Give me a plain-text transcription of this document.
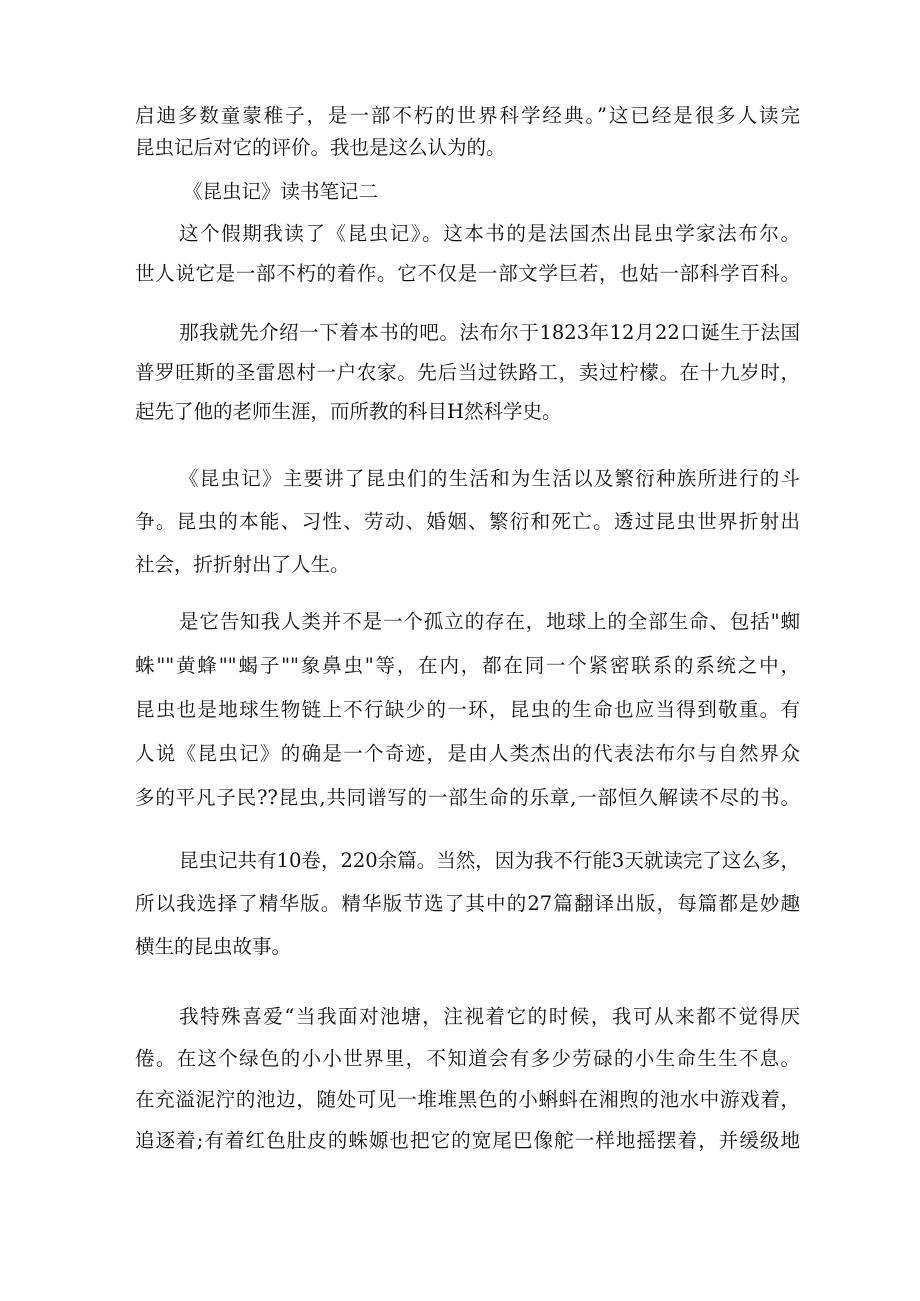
启迪多数童蒙稚子，是一部不朽的世界科学经典。”这已经是很多人读完
昆虫记后对它的评价。我也是这么认为的。

《昆虫记》读书笔记二

这个假期我读了《昆虫记》。这本书的是法国杰出昆虫学家法布尔。
世人说它是一部不朽的着作。它不仅是一部文学巨若，也姑一部科学百科。

那我就先介绍一下着本书的吧。法布尔于1823年12月22口诞生于法国
普罗旺斯的圣雷恩村一户农家。先后当过铁路工，卖过柠檬。在十九岁时，
起先了他的老师生涯，而所教的科目H然科学史。

《昆虫记》主要讲了昆虫们的生活和为生活以及繁衍种族所进行的斗
争。昆虫的本能、习性、劳动、婚姻、繁衍和死亡。透过昆虫世界折射出
社会，折折射出了人生。

是它告知我人类并不是一个孤立的存在，地球上的全部生命、包括"蜘
蛛""黄蜂""蝎子""象鼻虫"等，在内，都在同一个紧密联系的系统之中，
昆虫也是地球生物链上不行缺少的一环，昆虫的生命也应当得到敬重。有
人说《昆虫记》的确是一个奇迹，是由人类杰出的代表法布尔与自然界众
多的平凡子民??昆虫,共同谱写的一部生命的乐章,一部恒久解读不尽的书。

昆虫记共有10卷，220余篇。当然，因为我不行能3天就读完了这么多，
所以我选择了精华版。精华版节选了其中的27篇翻译出版，每篇都是妙趣
横生的昆虫故事。

我特殊喜爱“当我面对池塘，注视着它的时候，我可从来都不觉得厌
倦。在这个绿色的小小世界里，不知道会有多少劳碌的小生命生生不息。
在充溢泥泞的池边，随处可见一堆堆黑色的小蝌蚪在湘煦的池水中游戏着，
追逐着;有着红色肚皮的蛛嫄也把它的宽尾巴像舵一样地摇摆着，并缓级地
